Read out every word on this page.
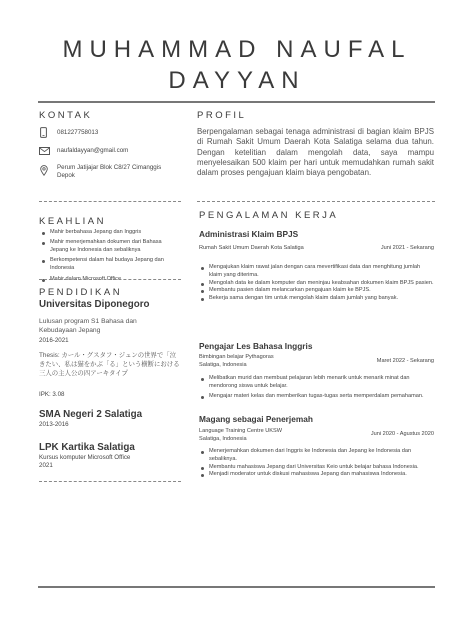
MUHAMMAD NAUFAL
DAYYAN
KONTAK
081227758013
naufaldayyan@gmail.com
Perum Jatijajar Blok C8/27 Cimanggis
Depok
PROFIL
Berpengalaman sebagai tenaga administrasi di bagian klaim BPJS di Rumah Sakit Umum Daerah Kota Salatiga selama dua tahun. Dengan ketelitian dalam mengolah data, saya mampu menyelesaikan 500 klaim per hari untuk memudahkan rumah sakit dalam proses pengajuan klaim biaya pengobatan.
KEAHLIAN
Mahir berbahasa Jepang dan Inggris
Mahir menerjemahkan dokumen dari Bahasa Jepang ke Indonesia dan sebaliknya
Berkompetensi dalam hal budaya Jepang dan Indonesia
Mahir dalam Microsoft Office
PENDIDIKAN
Universitas Diponegoro
Lulusan program S1 Bahasa dan Kebudayaan Jepang
2016-2021
Thesis: カール・グスタフ・ジュンの世界で「泣きたい、私は猫をかぶ「る」という横断における三人の主人公の四アーキタイプ
IPK: 3.08
SMA Negeri 2 Salatiga
2013-2016
LPK Kartika Salatiga
Kursus komputer Microsoft Office
2021
PENGALAMAN KERJA
Administrasi Klaim BPJS
Rumah Sakit Umum Daerah Kota Salatiga	Juni 2021 - Sekarang
Mengajukan klaim rawat jalan dengan cara mevertifikasi data dan menghitung jumlah klaim yang diterima.
Mengolah data ke dalam komputer dan meninjau keabsahan dokumen klaim BPJS pasien.
Membantu pasien dalam melancarkan pengajuan klaim ke BPJS.
Bekerja sama dengan tim untuk mengolah klaim dalam jumlah yang banyak.
Pengajar Les Bahasa Inggris
Bimbingan belajar Pythagoras
Salatiga, Indonesia
Maret 2022 - Sekarang
Melibatkan murid dan membuat pelajaran lebih menarik untuk menarik minat dan mendorong siswa untuk belajar.
Mengajar materi kelas dan memberikan tugas-tugas serta memperdalam pemahaman.
Magang sebagai Penerjemah
Language Training Centre UKSW
Salatiga, Indonesia
Juni 2020 - Agustus 2020
Menerjemahkan dokumen dari Inggris ke Indonesia dan Jepang ke Indonesia dan sebaliknya.
Membantu mahasiswa Jepang dari Universitas Keio untuk belajar bahasa Indonesia.
Menjadi moderator untuk diskusi mahasiswa Jepang dan mahasiswa Indonesia.
